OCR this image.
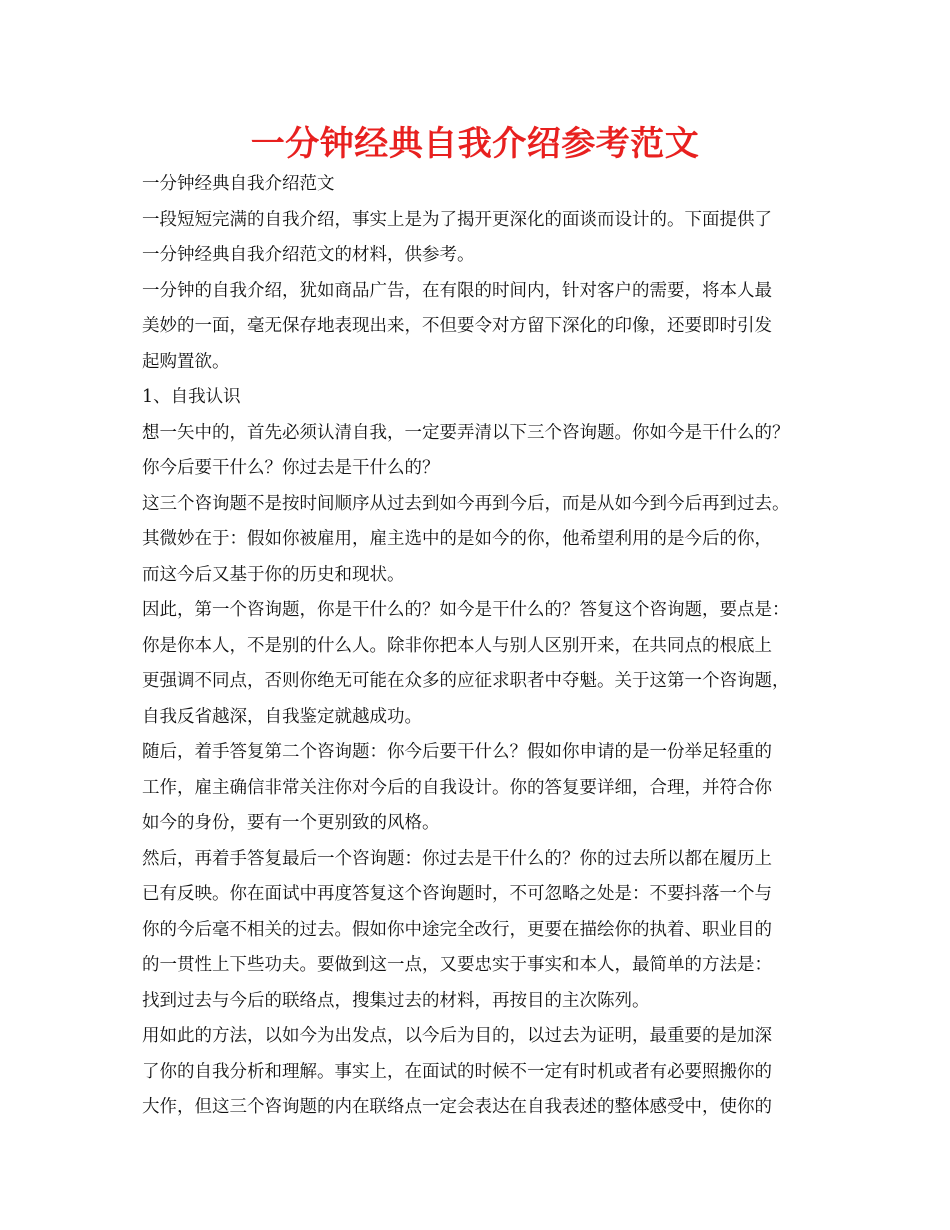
一分钟经典自我介绍参考范文

一分钟经典自我介绍范文

一段短短完满的自我介绍，事实上是为了揭开更深化的面谈而设计的。下面提供了
一分钟经典自我介绍范文的材料，供参考。

一分钟的自我介绍，犹如商品广告，在有限的时间内，针对客户的需要，将本人最
美妙的一面，毫无保存地表现出来，不但要令对方留下深化的印像，还要即时引发
起购置欲。

1、自我认识

想一矢中的，首先必须认清自我，一定要弄清以下三个咨询题。你如今是干什么的？
你今后要干什么？你过去是干什么的？

这三个咨询题不是按时间顺序从过去到如今再到今后，而是从如今到今后再到过去。
其微妙在于：假如你被雇用，雇主选中的是如今的你，他希望利用的是今后的你，
而这今后又基于你的历史和现状。

因此，第一个咨询题，你是干什么的？如今是干什么的？答复这个咨询题，要点是：
你是你本人，不是别的什么人。除非你把本人与别人区别开来，在共同点的根底上
更强调不同点，否则你绝无可能在众多的应征求职者中夺魁。关于这第一个咨询题，
自我反省越深，自我鉴定就越成功。

随后，着手答复第二个咨询题：你今后要干什么？假如你申请的是一份举足轻重的
工作，雇主确信非常关注你对今后的自我设计。你的答复要详细，合理，并符合你
如今的身份，要有一个更别致的风格。

然后，再着手答复最后一个咨询题：你过去是干什么的？你的过去所以都在履历上
已有反映。你在面试中再度答复这个咨询题时，不可忽略之处是：不要抖落一个与
你的今后毫不相关的过去。假如你中途完全改行，更要在描绘你的执着、职业目的
的一贯性上下些功夫。要做到这一点，又要忠实于事实和本人，最简单的方法是：
找到过去与今后的联络点，搜集过去的材料，再按目的主次陈列。

用如此的方法，以如今为出发点，以今后为目的，以过去为证明，最重要的是加深
了你的自我分析和理解。事实上，在面试的时候不一定有时机或者有必要照搬你的
大作，但这三个咨询题的内在联络点一定会表达在自我表述的整体感受中，使你的
